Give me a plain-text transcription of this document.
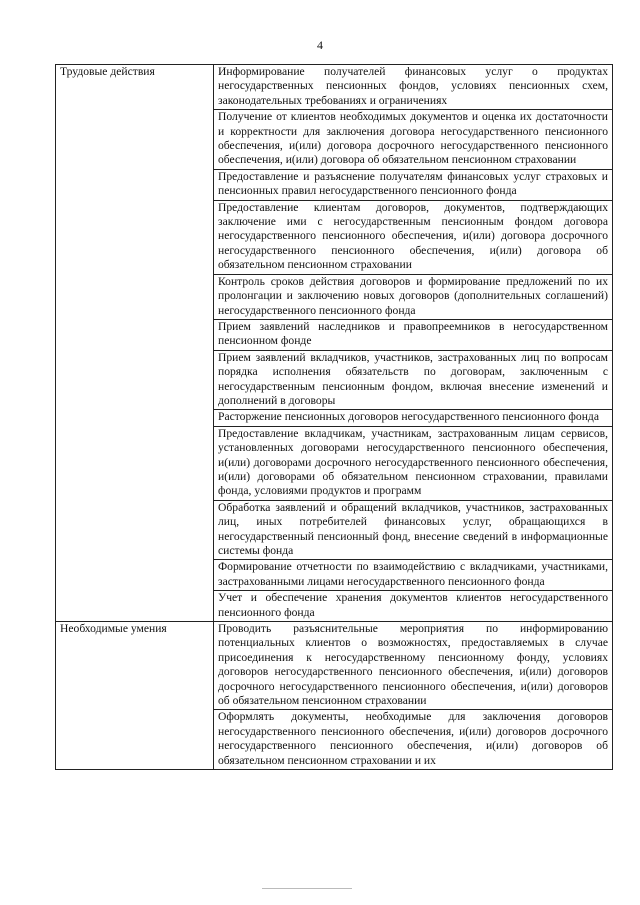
4
Трудовые действия	Информирование получателей финансовых услуг о продуктах негосударственных пенсионных фондов, условиях пенсионных схем, законодательных требованиях и ограничениях
	Получение от клиентов необходимых документов и оценка их достаточности и корректности для заключения договора негосударственного пенсионного обеспечения, и(или) договора досрочного негосударственного пенсионного обеспечения, и(или) договора об обязательном пенсионном страховании
	Предоставление и разъяснение получателям финансовых услуг страховых и пенсионных правил негосударственного пенсионного фонда
	Предоставление клиентам договоров, документов, подтверждающих заключение ими с негосударственным пенсионным фондом договора негосударственного пенсионного обеспечения, и(или) договора досрочного негосударственного пенсионного обеспечения, и(или) договора об обязательном пенсионном страховании
	Контроль сроков действия договоров и формирование предложений по их пролонгации и заключению новых договоров (дополнительных соглашений) негосударственного пенсионного фонда
	Прием заявлений наследников и правопреемников в негосударственном пенсионном фонде
	Прием заявлений вкладчиков, участников, застрахованных лиц по вопросам порядка исполнения обязательств по договорам, заключенным с негосударственным пенсионным фондом, включая внесение изменений и дополнений в договоры
	Расторжение пенсионных договоров негосударственного пенсионного фонда
	Предоставление вкладчикам, участникам, застрахованным лицам сервисов, установленных договорами негосударственного пенсионного обеспечения, и(или) договорами досрочного негосударственного пенсионного обеспечения, и(или) договорами об обязательном пенсионном страховании, правилами фонда, условиями продуктов и программ
	Обработка заявлений и обращений вкладчиков, участников, застрахованных лиц, иных потребителей финансовых услуг, обращающихся в негосударственный пенсионный фонд, внесение сведений в информационные системы фонда
	Формирование отчетности по взаимодействию с вкладчиками, участниками, застрахованными лицами негосударственного пенсионного фонда
	Учет и обеспечение хранения документов клиентов негосударственного пенсионного фонда
Необходимые умения	Проводить разъяснительные мероприятия по информированию потенциальных клиентов о возможностях, предоставляемых в случае присоединения к негосударственному пенсионному фонду, условиях договоров негосударственного пенсионного обеспечения, и(или) договоров досрочного негосударственного пенсионного обеспечения, и(или) договоров об обязательном пенсионном страховании
	Оформлять документы, необходимые для заключения договоров негосударственного пенсионного обеспечения, и(или) договоров досрочного негосударственного пенсионного обеспечения, и(или) договоров об обязательном пенсионном страховании и их
